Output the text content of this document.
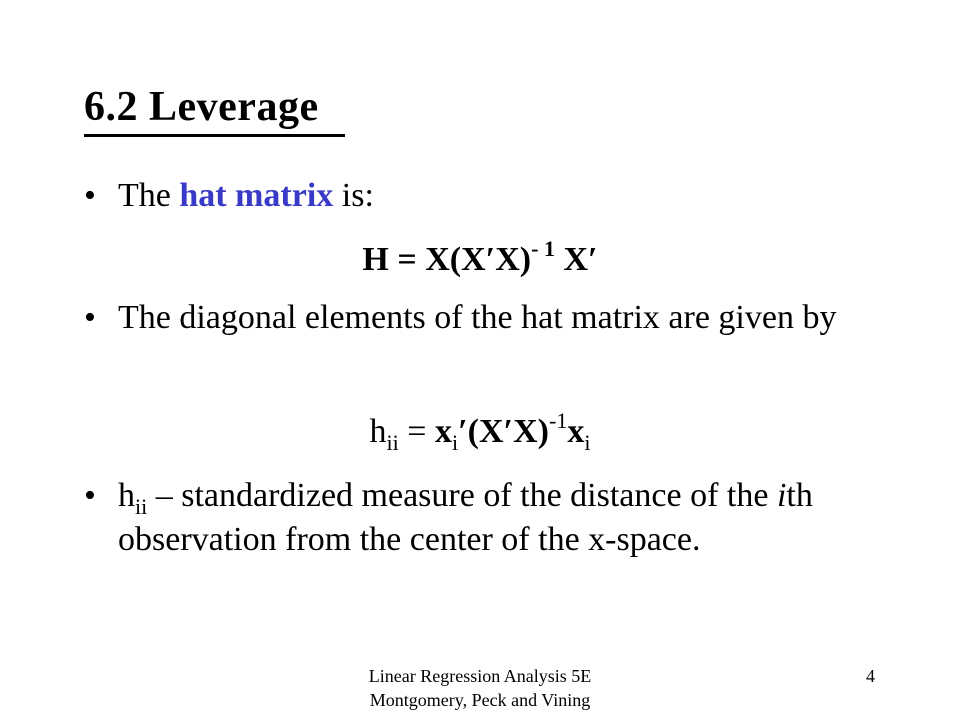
6.2 Leverage
• The hat matrix is:
$H = X(X'X)^{- 1}$ X′
• The diagonal elements of the hat matrix are given by
$h_{ii} = x_i'(X'X)^{-1}x_i$
• $h_{ii}$ – standardized measure of the distance of the ith observation from the center of the x-space.
Linear Regression Analysis 5E
Montgomery, Peck and Vining
4
